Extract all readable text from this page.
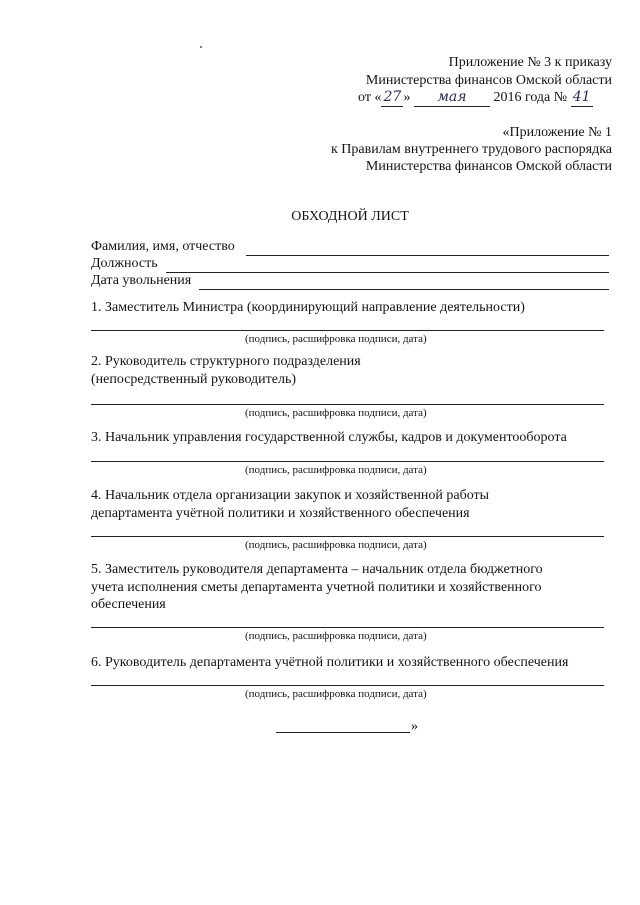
Приложение № 3 к приказу
Министерства финансов Омской области
от « 27 » мая 2016 года № 41
«Приложение № 1
к Правилам внутреннего трудового распорядка
Министерства финансов Омской области
ОБХОДНОЙ ЛИСТ
Фамилия, имя, отчество
Должность
Дата увольнения
1. Заместитель Министра (координирующий направление деятельности)
(подпись, расшифровка подписи, дата)
2. Руководитель структурного подразделения
(непосредственный руководитель)
(подпись, расшифровка подписи, дата)
3. Начальник управления государственной службы, кадров и документооборота
(подпись, расшифровка подписи, дата)
4. Начальник отдела организации закупок и хозяйственной работы
департамента учётной политики и хозяйственного обеспечения
(подпись, расшифровка подписи, дата)
5. Заместитель руководителя департамента – начальник отдела бюджетного
учета исполнения сметы департамента учетной политики и хозяйственного
обеспечения
(подпись, расшифровка подписи, дата)
6. Руководитель департамента учётной политики и хозяйственного обеспечения
(подпись, расшифровка подписи, дата)
»
